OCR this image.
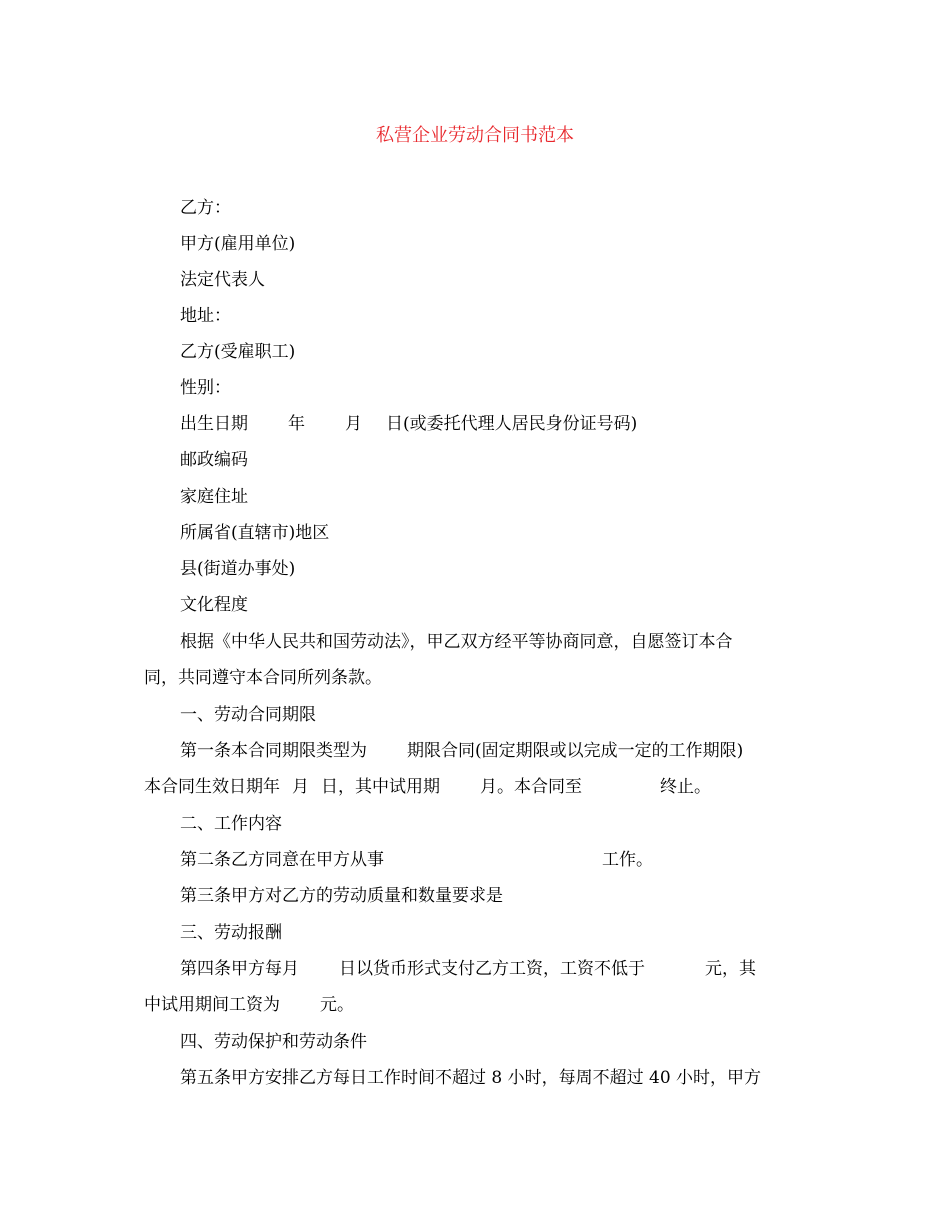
私营企业劳动合同书范本
乙方：
甲方(雇用单位)
法定代表人
地址：
乙方(受雇职工)
性别：
出生日期 年 月 日(或委托代理人居民身份证号码)
邮政编码
家庭住址
所属省(直辖市)地区
县(街道办事处)
文化程度
根据《中华人民共和国劳动法》，甲乙双方经平等协商同意，自愿签订本合
同，共同遵守本合同所列条款。
一、劳动合同期限
第一条本合同期限类型为 期限合同(固定期限或以完成一定的工作期限)
本合同生效日期年 月 日，其中试用期 月。本合同至	终止。
二、工作内容
第二条乙方同意在甲方从事	工作。
第三条甲方对乙方的劳动质量和数量要求是
三、劳动报酬
第四条甲方每月 日以货币形式支付乙方工资，工资不低于	元，其
中试用期间工资为 元。
四、劳动保护和劳动条件
第五条甲方安排乙方每日工作时间不超过 8 小时，每周不超过 40 小时，甲方
